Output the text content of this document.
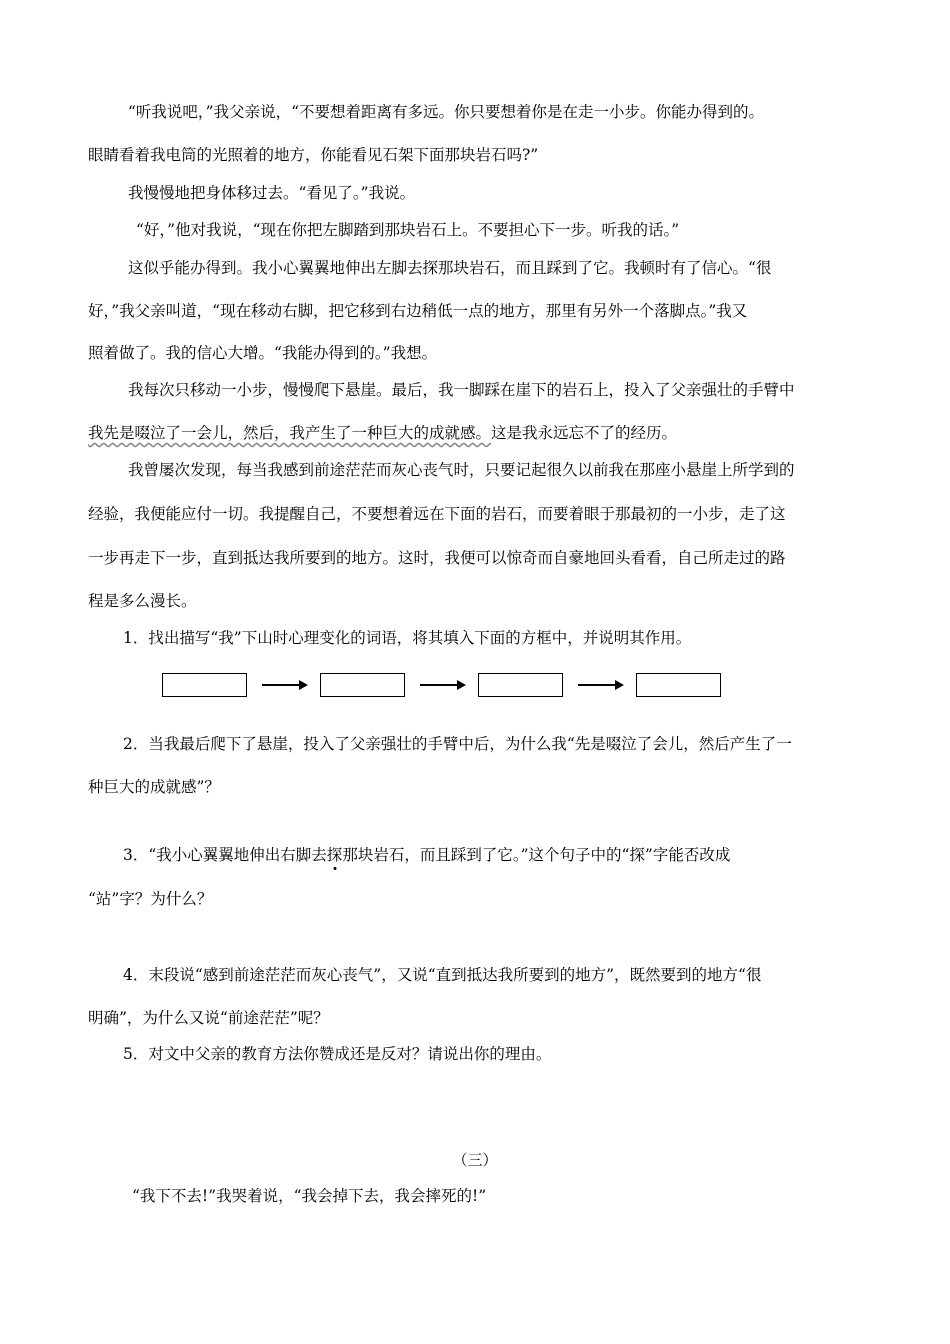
“听我说吧，”我父亲说，“不要想着距离有多远。你只要想着你是在走一小步。你能办得到的。
眼睛看着我电筒的光照着的地方，你能看见石架下面那块岩石吗?”
我慢慢地把身体移过去。“看见了。”我说。
“好，”他对我说，“现在你把左脚踏到那块岩石上。不要担心下一步。听我的话。”
这似乎能办得到。我小心翼翼地伸出左脚去探那块岩石，而且踩到了它。我顿时有了信心。“很
好，”我父亲叫道，“现在移动右脚，把它移到右边稍低一点的地方，那里有另外一个落脚点。”我又
照着做了。我的信心大增。“我能办得到的。”我想。
我每次只移动一小步，慢慢爬下悬崖。最后，我一脚踩在崖下的岩石上，投入了父亲强壮的手臂中
我先是啜泣了一会儿，然后，我产生了一种巨大的成就感。这是我永远忘不了的经历。
我曾屡次发现，每当我感到前途茫茫而灰心丧气时，只要记起很久以前我在那座小悬崖上所学到的
经验，我便能应付一切。我提醒自己，不要想着远在下面的岩石，而要着眼于那最初的一小步，走了这
一步再走下一步，直到抵达我所要到的地方。这时，我便可以惊奇而自豪地回头看看，自己所走过的路
程是多么漫长。
1．找出描写“我”下山时心理变化的词语，将其填入下面的方框中，并说明其作用。
2．当我最后爬下了悬崖，投入了父亲强壮的手臂中后，为什么我“先是啜泣了会儿，然后产生了一
种巨大的成就感”？
3．“我小心翼翼地伸出右脚去探那块岩石，而且踩到了它。”这个句子中的“探”字能否改成
“站”字？为什么？
4．末段说“感到前途茫茫而灰心丧气”，又说“直到抵达我所要到的地方”，既然要到的地方“很
明确”，为什么又说“前途茫茫”呢？
5．对文中父亲的教育方法你赞成还是反对？请说出你的理由。
（三）
“我下不去!”我哭着说，“我会掉下去，我会摔死的!”
